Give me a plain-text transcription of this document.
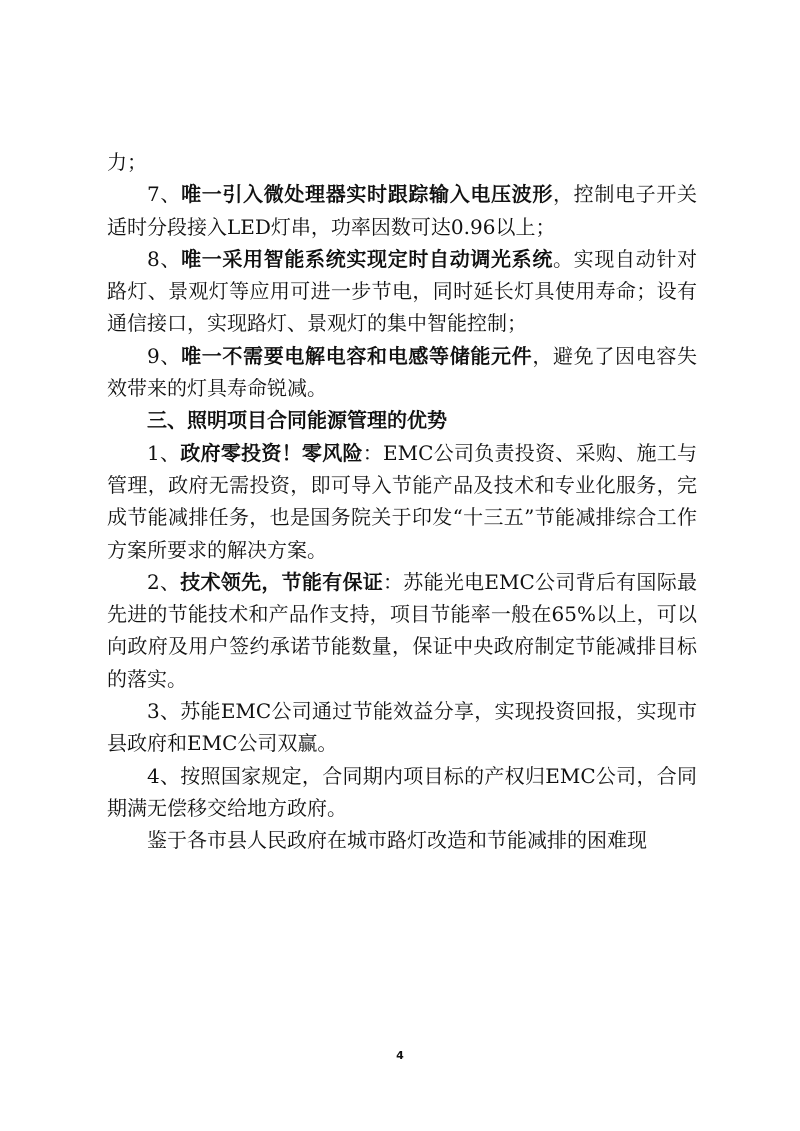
力；

7、唯一引入微处理器实时跟踪输入电压波形，控制电子开关适时分段接入LED灯串，功率因数可达0.96以上；

8、唯一采用智能系统实现定时自动调光系统。实现自动针对路灯、景观灯等应用可进一步节电，同时延长灯具使用寿命；设有通信接口，实现路灯、景观灯的集中智能控制；

9、唯一不需要电解电容和电感等储能元件，避免了因电容失效带来的灯具寿命锐减。

三、照明项目合同能源管理的优势

1、政府零投资！零风险：EMC公司负责投资、采购、施工与管理，政府无需投资，即可导入节能产品及技术和专业化服务，完成节能减排任务，也是国务院关于印发“十三五”节能减排综合工作方案所要求的解决方案。

2、技术领先，节能有保证：苏能光电EMC公司背后有国际最先进的节能技术和产品作支持，项目节能率一般在65%以上，可以向政府及用户签约承诺节能数量，保证中央政府制定节能减排目标的落实。

3、苏能EMC公司通过节能效益分享，实现投资回报，实现市县政府和EMC公司双赢。

4、按照国家规定，合同期内项目标的产权归EMC公司，合同期满无偿移交给地方政府。

鉴于各市县人民政府在城市路灯改造和节能减排的困难现

4
